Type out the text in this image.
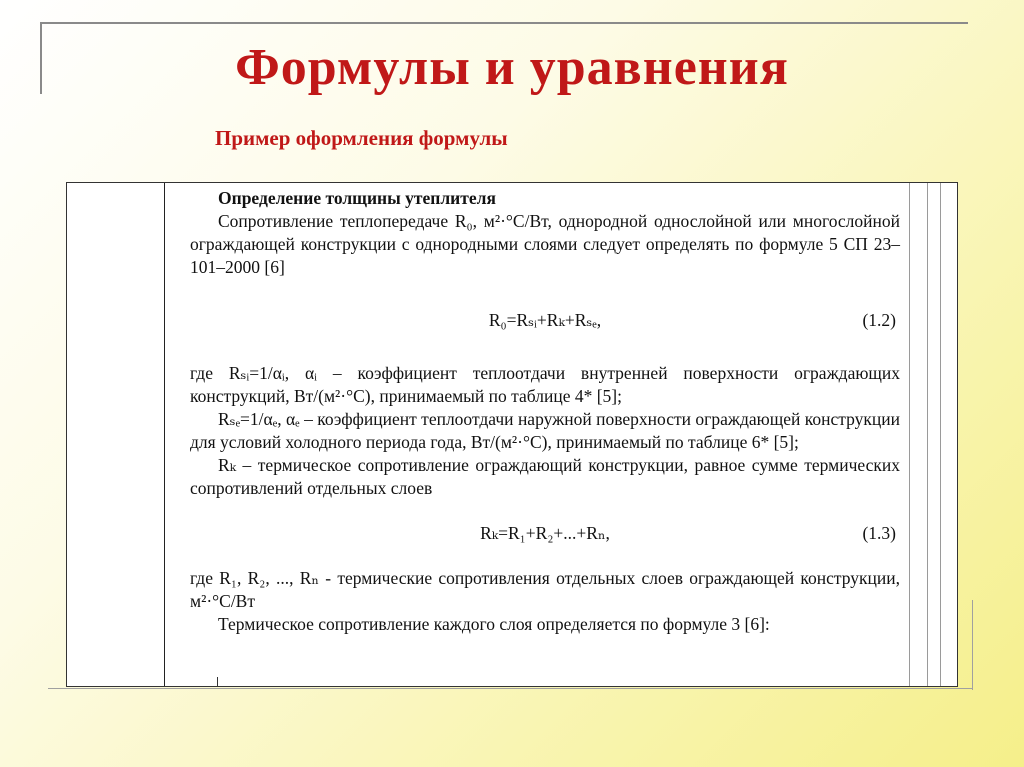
Формулы и уравнения
Пример оформления формулы
Определение толщины утеплителя
Сопротивление теплопередаче R₀, м²·°С/Вт, однородной однослойной или многослойной ограждающей конструкции с однородными слоями следует определять по формуле 5 СП 23–101–2000 [6]
R₀=Rₛᵢ+Rₖ+Rₛₑ,	(1.2)
где Rₛᵢ=1/αᵢ, αᵢ – коэффициент теплоотдачи внутренней поверхности ограждающих конструкций, Вт/(м²·°С), принимаемый по таблице 4* [5];
Rₛₑ=1/αₑ, αₑ – коэффициент теплоотдачи наружной поверхности ограждающей конструкции для условий холодного периода года, Вт/(м²·°С), принимаемый по таблице 6* [5];
Rₖ – термическое сопротивление ограждающий конструкции, равное сумме термических сопротивлений отдельных слоев
Rₖ=R₁+R₂+...+Rₙ,	(1.3)
где R₁, R₂, ..., Rₙ - термические сопротивления отдельных слоев ограждающей конструкции, м²·°С/Вт
Термическое сопротивление каждого слоя определяется по формуле 3 [6]:
